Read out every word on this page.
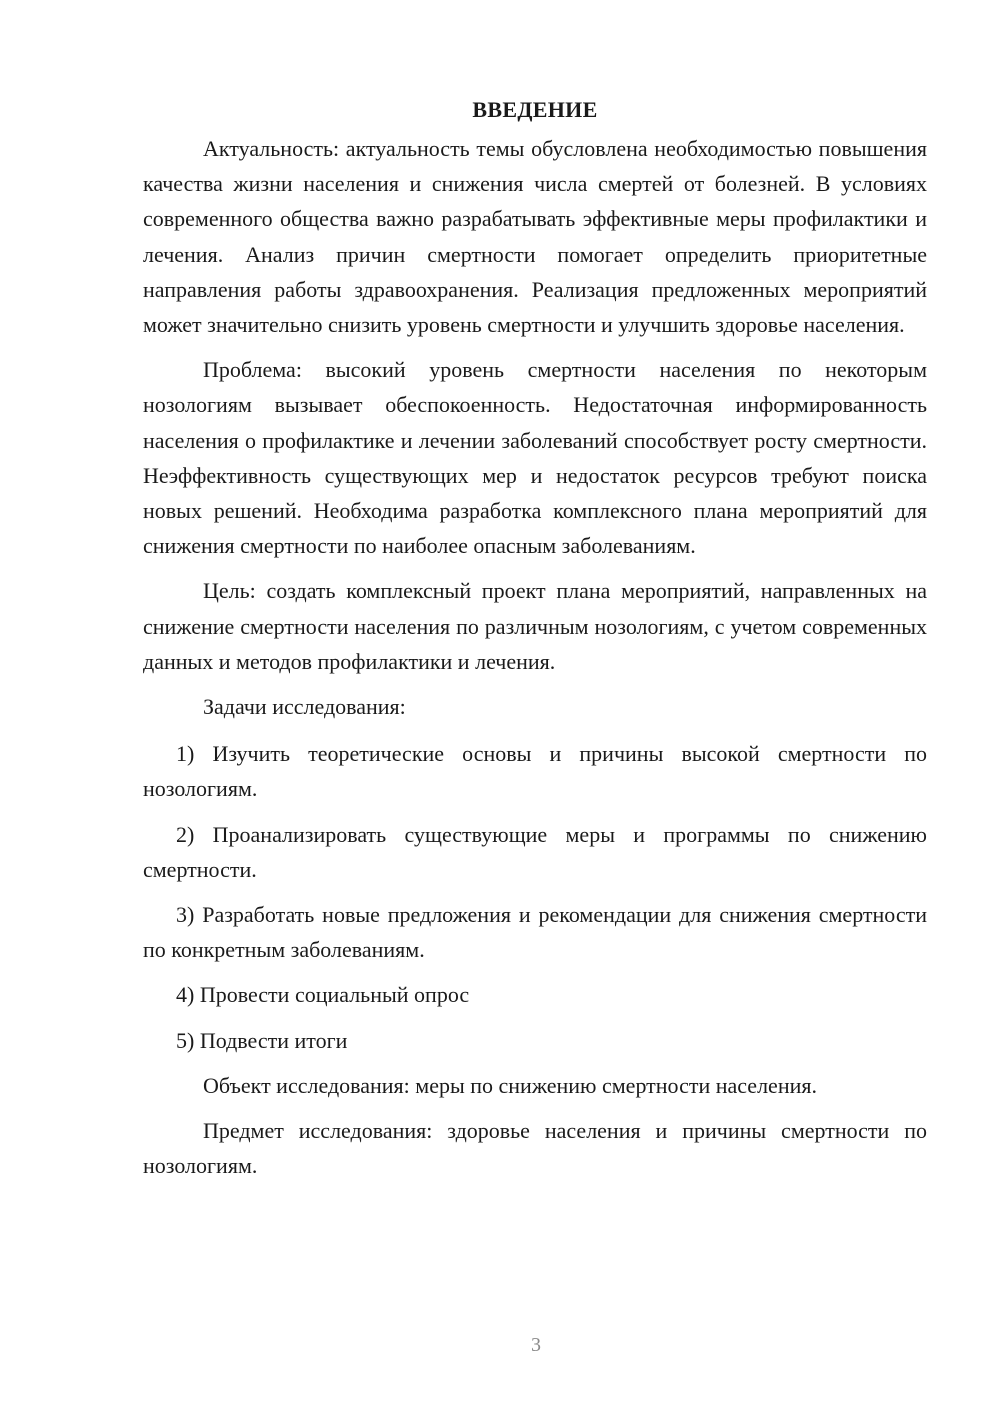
ВВЕДЕНИЕ

Актуальность: актуальность темы обусловлена необходимостью повышения качества жизни населения и снижения числа смертей от болезней. В условиях современного общества важно разрабатывать эффективные меры профилактики и лечения. Анализ причин смертности помогает определить приоритетные направления работы здравоохранения. Реализация предложенных мероприятий может значительно снизить уровень смертности и улучшить здоровье населения.

Проблема: высокий уровень смертности населения по некоторым нозологиям вызывает обеспокоенность. Недостаточная информированность населения о профилактике и лечении заболеваний способствует росту смертности. Неэффективность существующих мер и недостаток ресурсов требуют поиска новых решений. Необходима разработка комплексного плана мероприятий для снижения смертности по наиболее опасным заболеваниям.

Цель: создать комплексный проект плана мероприятий, направленных на снижение смертности населения по различным нозологиям, с учетом современных данных и методов профилактики и лечения.

Задачи исследования:

1) Изучить теоретические основы и причины высокой смертности по нозологиям.

2) Проанализировать существующие меры и программы по снижению смертности.

3) Разработать новые предложения и рекомендации для снижения смертности по конкретным заболеваниям.

4) Провести социальный опрос

5) Подвести итоги

Объект исследования: меры по снижению смертности населения.

Предмет исследования: здоровье населения и причины смертности по нозологиям.

3
